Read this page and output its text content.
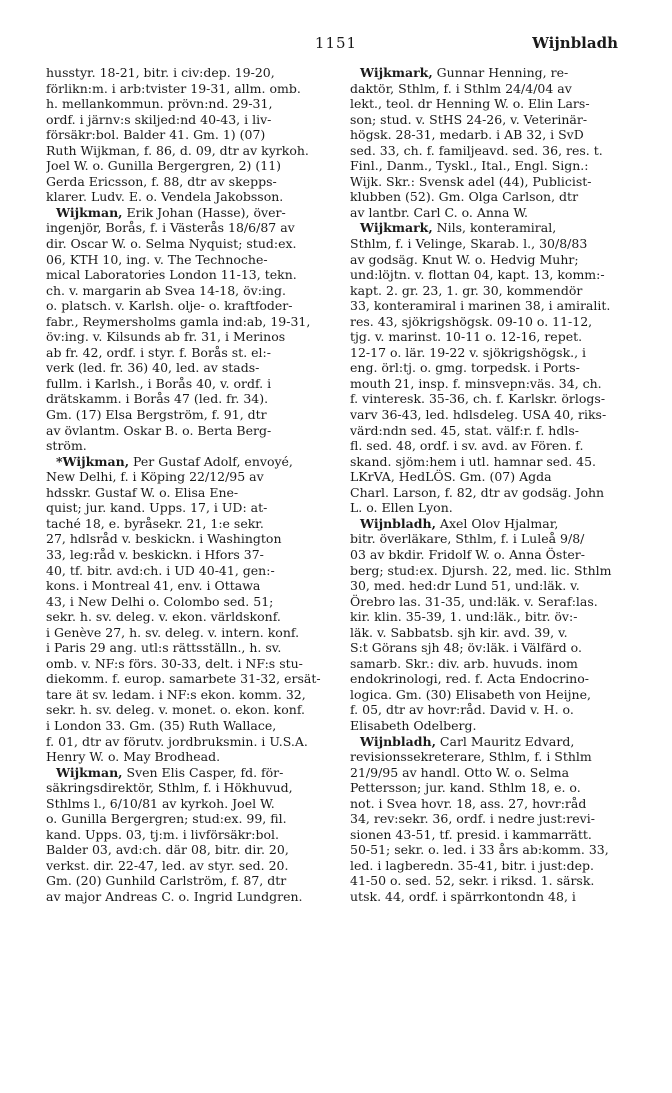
1151	Wijnbladh
husstyr. 18-21, bitr. i civ:dep. 19-20,
förlikn:m. i arb:tvister 19-31, allm. omb.
h. mellankommun. prövn:nd. 29-31,
ordf. i järnv:s skiljed:nd 40-43, i liv-
försäkr:bol. Balder 41. Gm. 1) (07)
Ruth Wijkman, f. 86, d. 09, dtr av kyrkoh.
Joel W. o. Gunilla Bergergren, 2) (11)
Gerda Ericsson, f. 88, dtr av skepps-
klarer. Ludv. E. o. Vendela Jakobsson.
Wijkman, Erik Johan (Hasse), över-
ingenjör, Borås, f. i Västerås 18/6/87 av
dir. Oscar W. o. Selma Nyquist; stud:ex.
06, KTH 10, ing. v. The Technoche-
mical Laboratories London 11-13, tekn.
ch. v. margarin ab Svea 14-18, öv:ing.
o. platsch. v. Karlsh. olje- o. kraftfoder-
fabr., Reymersholms gamla ind:ab, 19-31,
öv:ing. v. Kilsunds ab fr. 31, i Merinos
ab fr. 42, ordf. i styr. f. Borås st. el:-
verk (led. fr. 36) 40, led. av stads-
fullm. i Karlsh., i Borås 40, v. ordf. i
drätskamm. i Borås 47 (led. fr. 34).
Gm. (17) Elsa Bergström, f. 91, dtr
av övlantm. Oskar B. o. Berta Berg-
ström.
*Wijkman, Per Gustaf Adolf, envoyé,
New Delhi, f. i Köping 22/12/95 av
hdsskr. Gustaf W. o. Elisa Ene-
quist; jur. kand. Upps. 17, i UD: at-
taché 18, e. byråsekr. 21, 1:e sekr.
27, hdlsråd v. beskickn. i Washington
33, leg:råd v. beskickn. i Hfors 37-
40, tf. bitr. avd:ch. i UD 40-41, gen:-
kons. i Montreal 41, env. i Ottawa
43, i New Delhi o. Colombo sed. 51;
sekr. h. sv. deleg. v. ekon. världskonf.
i Genève 27, h. sv. deleg. v. intern. konf.
i Paris 29 ang. utl:s rättsställn., h. sv.
omb. v. NF:s förs. 30-33, delt. i NF:s stu-
diekomm. f. europ. samarbete 31-32, ersät-
tare ät sv. ledam. i NF:s ekon. komm. 32,
sekr. h. sv. deleg. v. monet. o. ekon. konf.
i London 33. Gm. (35) Ruth Wallace,
f. 01, dtr av förutv. jordbruksmin. i U.S.A.
Henry W. o. May Brodhead.
Wijkman, Sven Elis Casper, fd. för-
säkringsdirektör, Sthlm, f. i Hökhuvud,
Sthlms l., 6/10/81 av kyrkoh. Joel W.
o. Gunilla Bergergren; stud:ex. 99, fil.
kand. Upps. 03, tj:m. i livförsäkr:bol.
Balder 03, avd:ch. där 08, bitr. dir. 20,
verkst. dir. 22-47, led. av styr. sed. 20.
Gm. (20) Gunhild Carlström, f. 87, dtr
av major Andreas C. o. Ingrid Lundgren.
Wijkmark, Gunnar Henning, re-
daktör, Sthlm, f. i Sthlm 24/4/04 av
lekt., teol. dr Henning W. o. Elin Lars-
son; stud. v. StHS 24-26, v. Veterinär-
högsk. 28-31, medarb. i AB 32, i SvD
sed. 33, ch. f. familjeavd. sed. 36, res. t.
Finl., Danm., Tyskl., Ital., Engl. Sign.:
Wijk. Skr.: Svensk adel (44), Publicist-
klubben (52). Gm. Olga Carlson, dtr
av lantbr. Carl C. o. Anna W.
Wijkmark, Nils, konteramiral,
Sthlm, f. i Velinge, Skarab. l., 30/8/83
av godsäg. Knut W. o. Hedvig Muhr;
und:löjtn. v. flottan 04, kapt. 13, komm:-
kapt. 2. gr. 23, 1. gr. 30, kommendör
33, konteramiral i marinen 38, i amiralit.
res. 43, sjökrigshögsk. 09-10 o. 11-12,
tjg. v. marinst. 10-11 o. 12-16, repet.
12-17 o. lär. 19-22 v. sjökrigshögsk., i
eng. örl:tj. o. gmg. torpedsk. i Ports-
mouth 21, insp. f. minsvepn:väs. 34, ch.
f. vinteresk. 35-36, ch. f. Karlskr. örlogs-
varv 36-43, led. hdlsdeleg. USA 40, riks-
värd:ndn sed. 45, stat. välf:r. f. hdls-
fl. sed. 48, ordf. i sv. avd. av Fören. f.
skand. sjöm:hem i utl. hamnar sed. 45.
LKrVA, HedLÖS. Gm. (07) Agda
Charl. Larson, f. 82, dtr av godsäg. John
L. o. Ellen Lyon.
Wijnbladh, Axel Olov Hjalmar,
bitr. överläkare, Sthlm, f. i Luleå 9/8/
03 av bkdir. Fridolf W. o. Anna Öster-
berg; stud:ex. Djursh. 22, med. lic. Sthlm
30, med. hed:dr Lund 51, und:läk. v.
Örebro las. 31-35, und:läk. v. Seraf:las.
kir. klin. 35-39, 1. und:läk., bitr. öv:-
läk. v. Sabbatsb. sjh kir. avd. 39, v.
S:t Görans sjh 48; öv:läk. i Välfärd o.
samarb. Skr.: div. arb. huvuds. inom
endokrinologi, red. f. Acta Endocrino-
logica. Gm. (30) Elisabeth von Heijne,
f. 05, dtr av hovr:råd. David v. H. o.
Elisabeth Odelberg.
Wijnbladh, Carl Mauritz Edvard,
revisionssekreterare, Sthlm, f. i Sthlm
21/9/95 av handl. Otto W. o. Selma
Pettersson; jur. kand. Sthlm 18, e. o.
not. i Svea hovr. 18, ass. 27, hovr:råd
34, rev:sekr. 36, ordf. i nedre just:revi-
sionen 43-51, tf. presid. i kammarrätt.
50-51; sekr. o. led. i 33 års ab:komm. 33,
led. i lagberedn. 35-41, bitr. i just:dep.
41-50 o. sed. 52, sekr. i riksd. 1. särsk.
utsk. 44, ordf. i spärrkontondn 48, i
